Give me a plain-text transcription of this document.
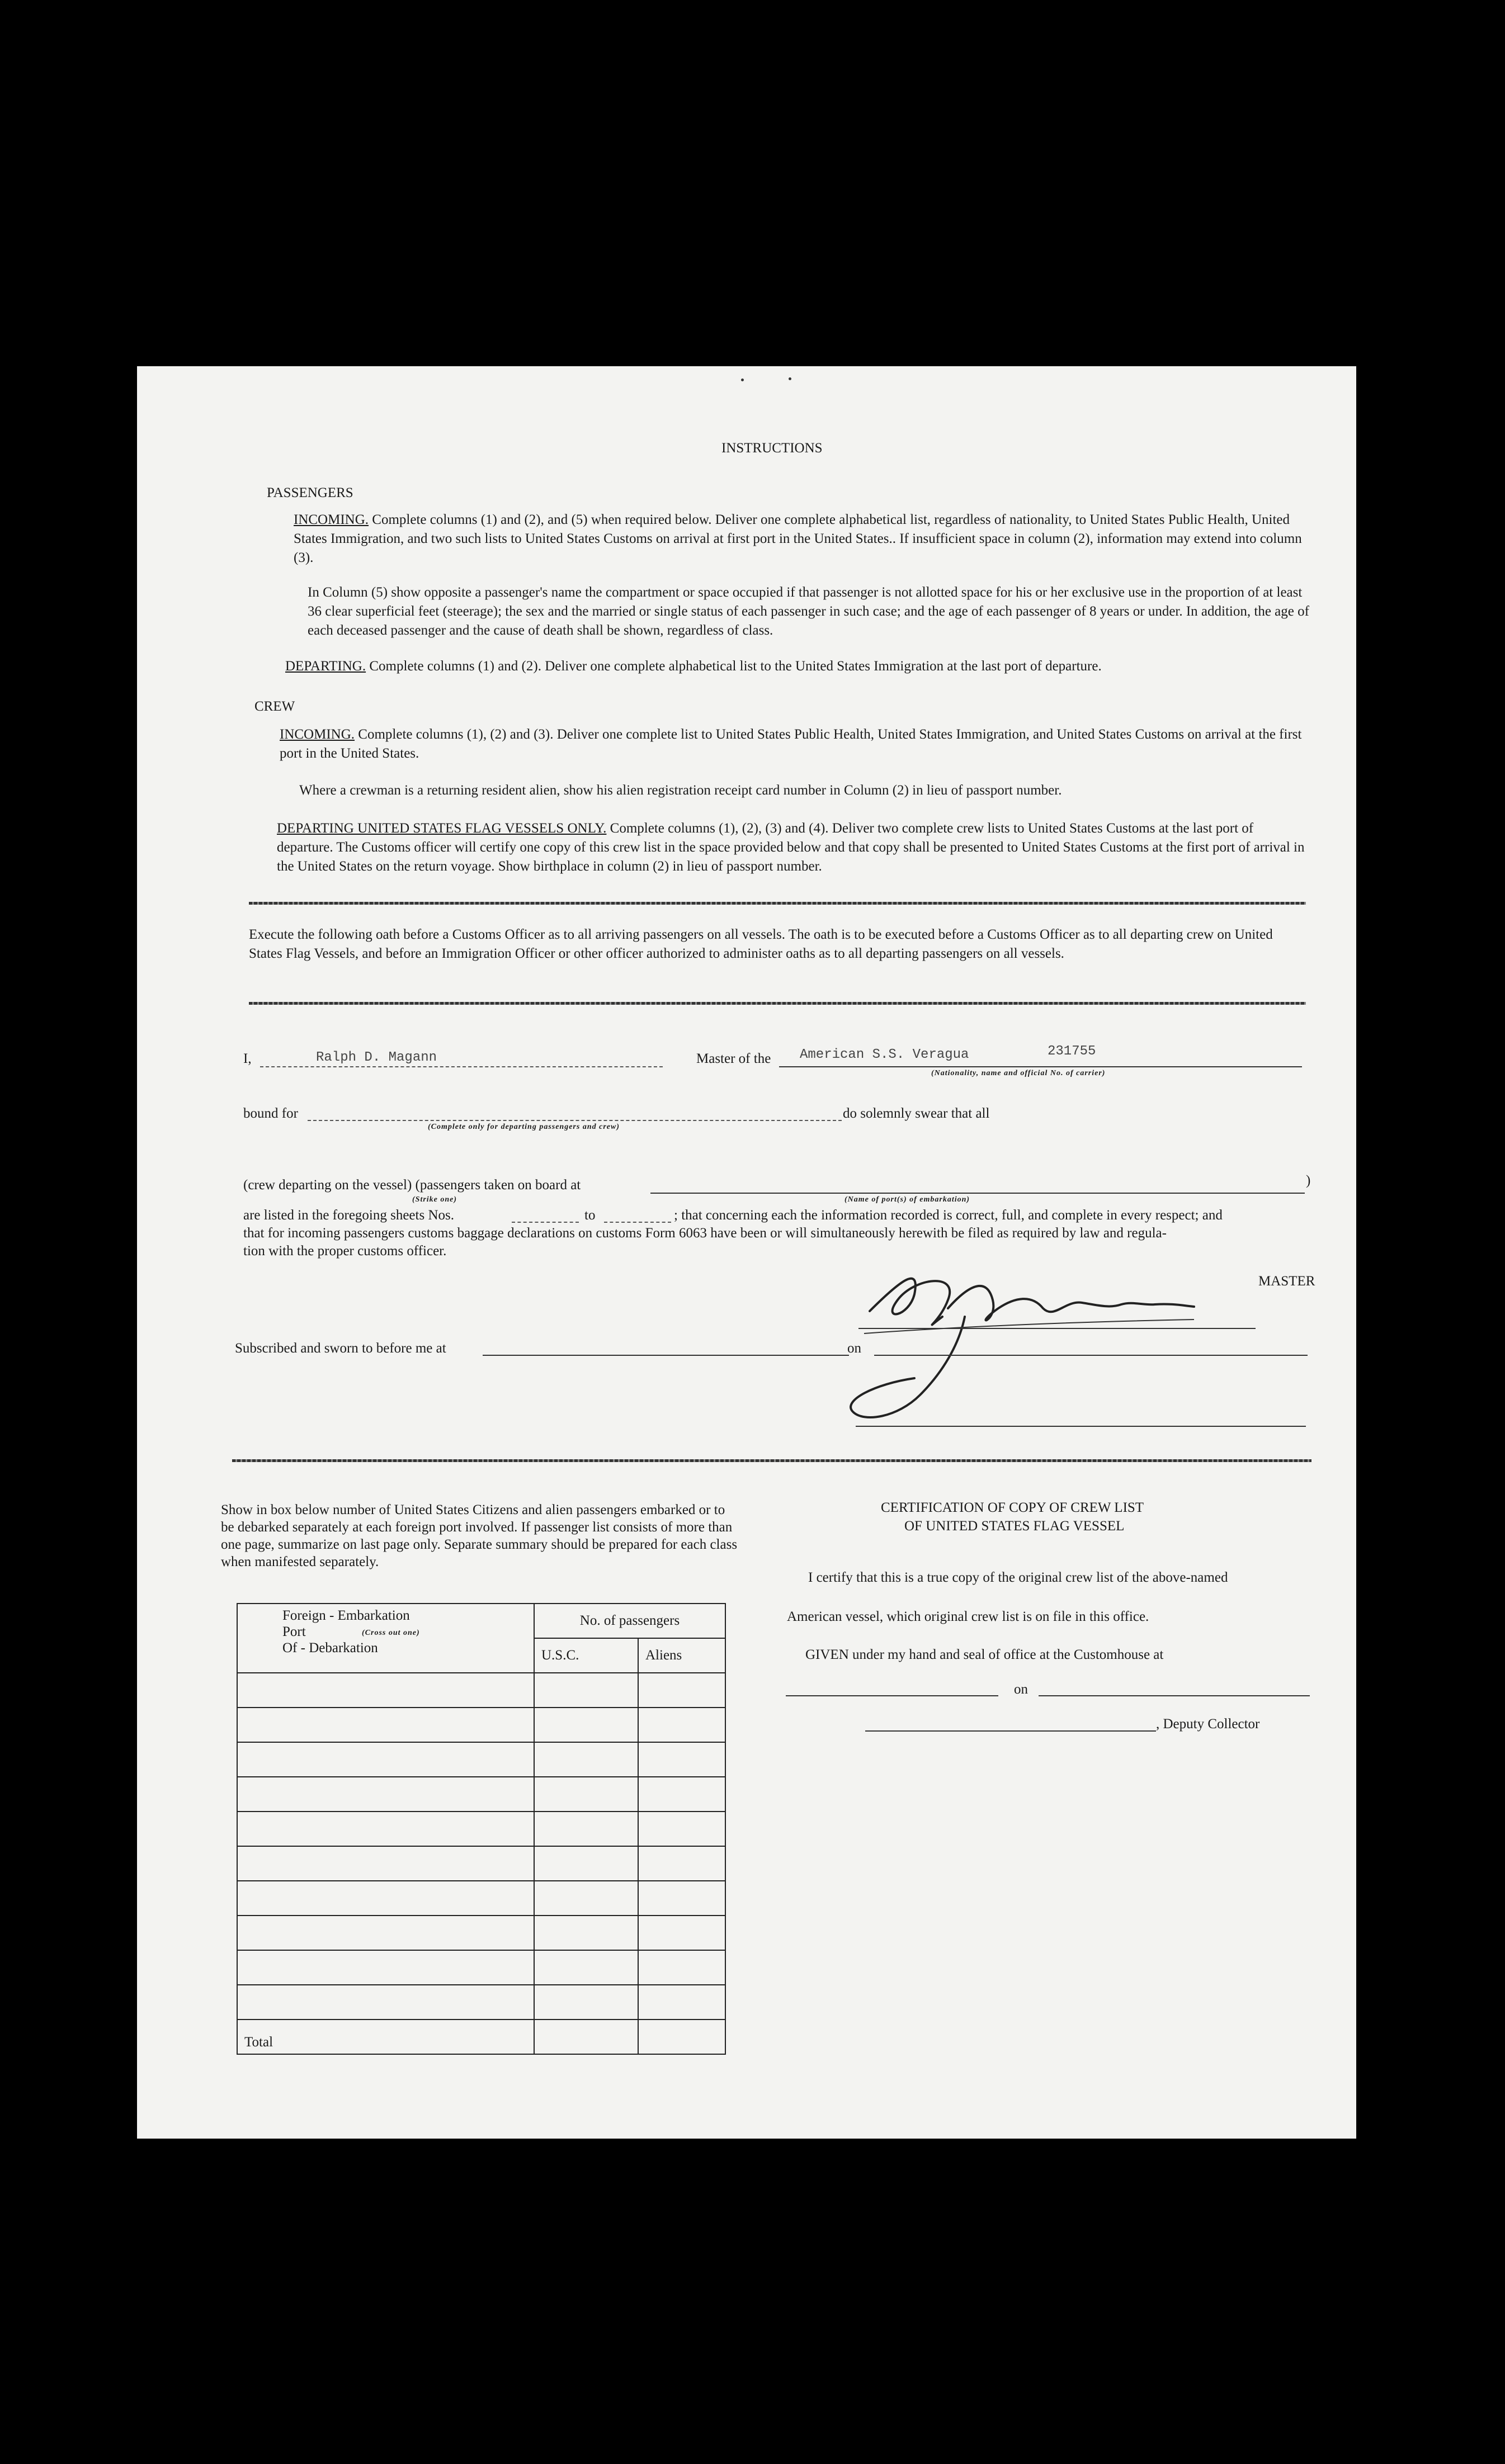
INSTRUCTIONS
PASSENGERS
INCOMING. Complete columns (1) and (2), and (5) when required below. Deliver one complete alphabetical list, regardless of nationality, to United States Public Health, United States Immigration, and two such lists to United States Customs on arrival at first port in the United States.. If insufficient space in column (2), information may extend into column (3).
In Column (5) show opposite a passenger's name the compartment or space occupied if that passenger is not allotted space for his or her exclusive use in the proportion of at least 36 clear superficial feet (steerage); the sex and the married or single status of each passenger in such case; and the age of each passenger of 8 years or under. In addition, the age of each deceased passenger and the cause of death shall be shown, regardless of class.
DEPARTING. Complete columns (1) and (2). Deliver one complete alphabetical list to the United States Immigration at the last port of departure.
CREW
INCOMING. Complete columns (1), (2) and (3). Deliver one complete list to United States Public Health, United States Immigration, and United States Customs on arrival at the first port in the United States.
Where a crewman is a returning resident alien, show his alien registration receipt card number in Column (2) in lieu of passport number.
DEPARTING UNITED STATES FLAG VESSELS ONLY. Complete columns (1), (2), (3) and (4). Deliver two complete crew lists to United States Customs at the last port of departure. The Customs officer will certify one copy of this crew list in the space provided below and that copy shall be presented to United States Customs at the first port of arrival in the United States on the return voyage. Show birthplace in column (2) in lieu of passport number.
Execute the following oath before a Customs Officer as to all arriving passengers on all vessels. The oath is to be executed before a Customs Officer as to all departing crew on United States Flag Vessels, and before an Immigration Officer or other officer authorized to administer oaths as to all departing passengers on all vessels.
I,	Ralph D. Magann	Master of the American S.S. Veragua	231755
(Nationality, name and official No. of carrier)
bound for
(Complete only for departing passengers and crew)
do solemnly swear that all
(crew departing on the vessel) (passengers taken on board at	)
(Strike one)	(Name of port(s) of embarkation)
are listed in the foregoing sheets Nos.	to	; that concerning each the information recorded is correct, full, and complete in every respect; and
that for incoming passengers customs baggage declarations on customs Form 6063 have been or will simultaneously herewith be filed as required by law and regula-
tion with the proper customs officer.
MASTER
Subscribed and sworn to before me at	on
Show in box below number of United States Citizens and alien passengers embarked or to be debarked separately at each foreign port involved. If passenger list consists of more than one page, summarize on last page only. Separate summary should be prepared for each class when manifested separately.
Foreign - Embarkation
Port (Cross out one)
Of - Debarkation	No. of passengers	
	U.S.C.	Aliens

Total		
CERTIFICATION OF COPY OF CREW LIST
OF UNITED STATES FLAG VESSEL
I certify that this is a true copy of the original crew list of the above-named
American vessel, which original crew list is on file in this office.
GIVEN under my hand and seal of office at the Customhouse at
on
, Deputy Collector
